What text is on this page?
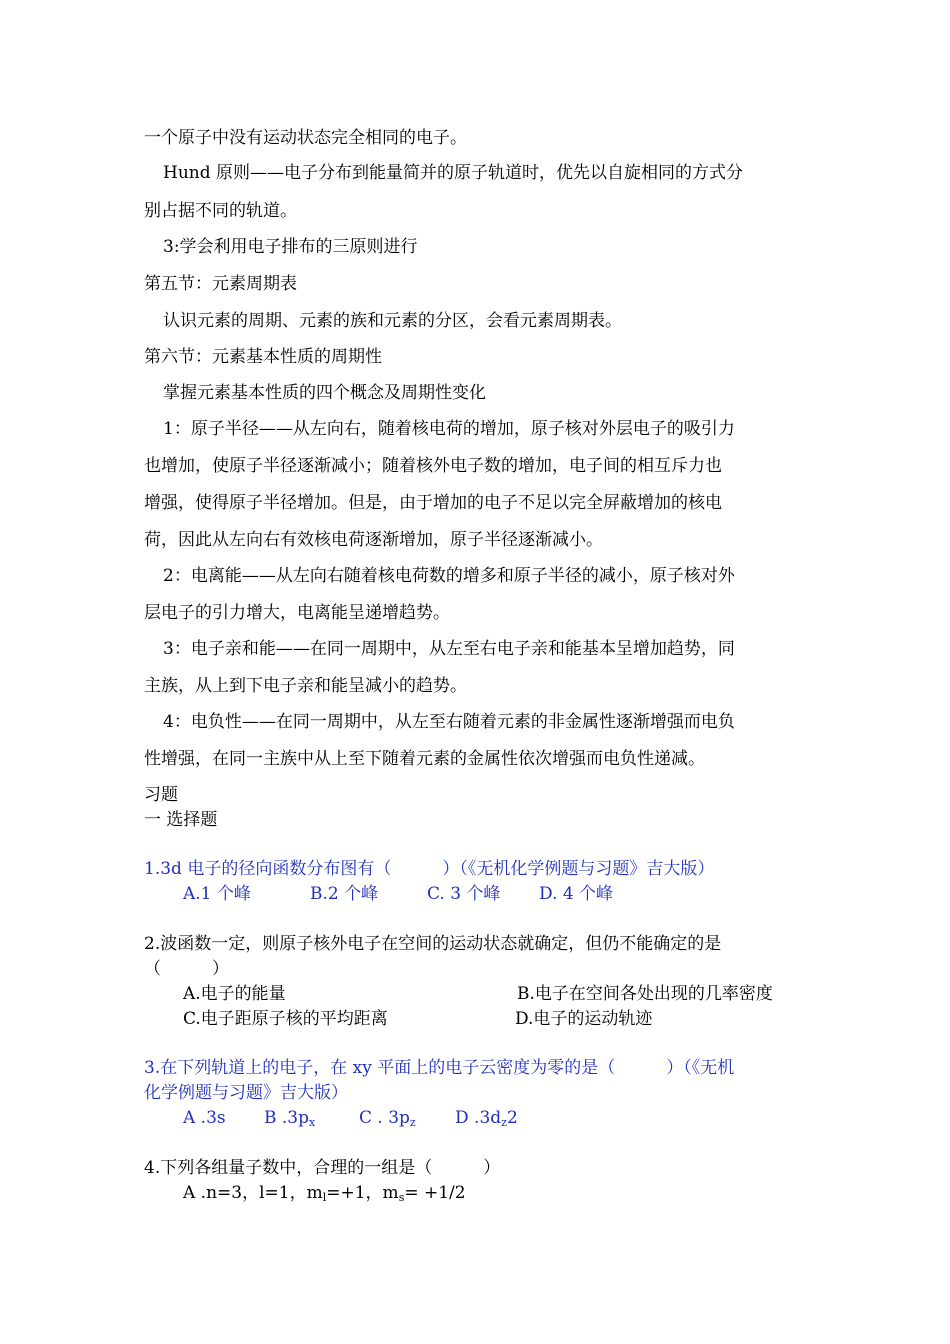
一个原子中没有运动状态完全相同的电子。
Hund 原则——电子分布到能量简并的原子轨道时，优先以自旋相同的方式分
别占据不同的轨道。
3:学会利用电子排布的三原则进行
第五节：元素周期表
认识元素的周期、元素的族和元素的分区，会看元素周期表。
第六节：元素基本性质的周期性
掌握元素基本性质的四个概念及周期性变化
1：原子半径——从左向右，随着核电荷的增加，原子核对外层电子的吸引力
也增加，使原子半径逐渐减小；随着核外电子数的增加，电子间的相互斥力也
增强，使得原子半径增加。但是，由于增加的电子不足以完全屏蔽增加的核电
荷，因此从左向右有效核电荷逐渐增加，原子半径逐渐减小。
2：电离能——从左向右随着核电荷数的增多和原子半径的减小，原子核对外
层电子的引力增大，电离能呈递增趋势。
3：电子亲和能——在同一周期中，从左至右电子亲和能基本呈增加趋势，同
主族，从上到下电子亲和能呈减小的趋势。
4：电负性——在同一周期中，从左至右随着元素的非金属性逐渐增强而电负
性增强，在同一主族中从上至下随着元素的金属性依次增强而电负性递减。
习题
一 选择题
1.3d 电子的径向函数分布图有（　　　）（《无机化学例题与习题》吉大版）
A.1 个峰	B.2 个峰	C. 3 个峰 D. 4 个峰
2.波函数一定，则原子核外电子在空间的运动状态就确定，但仍不能确定的是
（　　　）
A.电子的能量	B.电子在空间各处出现的几率密度
C.电子距原子核的平均距离	D.电子的运动轨迹
3.在下列轨道上的电子，在 xy 平面上的电子云密度为零的是（　　　）（《无机
化学例题与习题》吉大版）
A .3s B $.3p_x$	C . $3p_z$ D $.3d_z2$
4.下列各组量子数中，合理的一组是（　　　）
A .n=3，l=1，$m_l=+1$，$m_s= +1/2$
